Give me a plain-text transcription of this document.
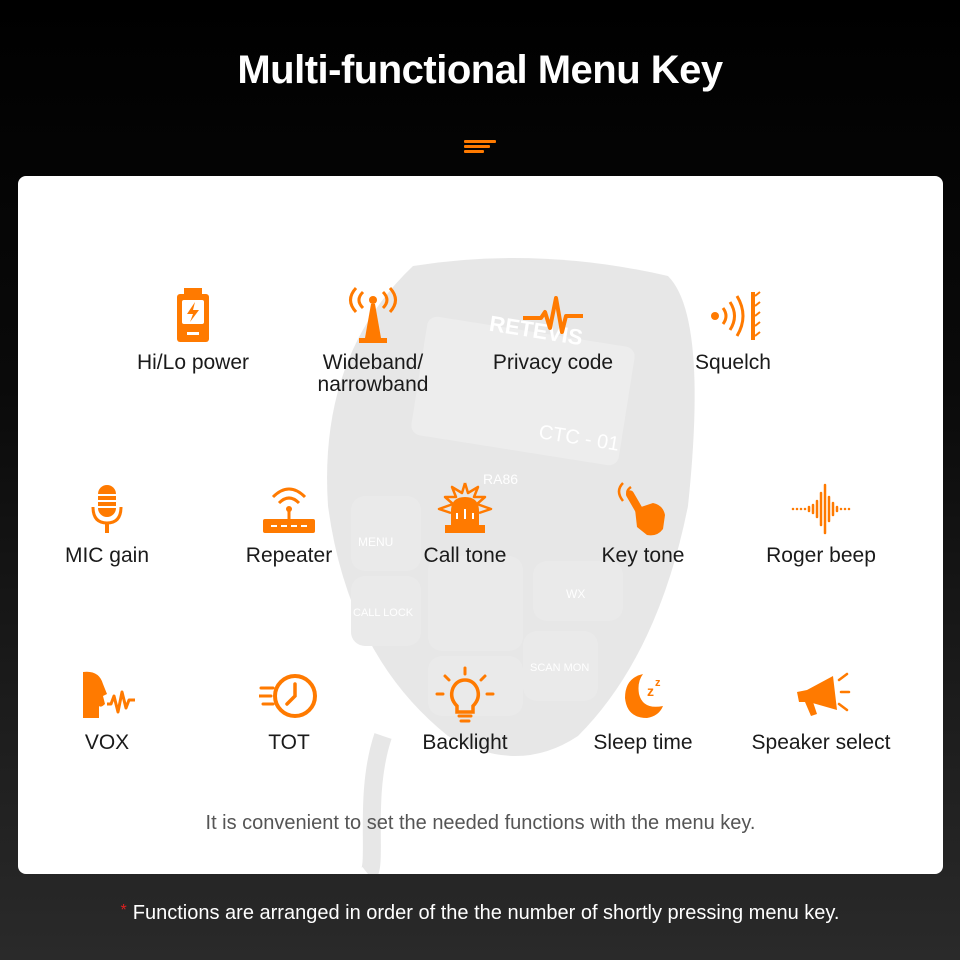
Multi-functional Menu Key
RETEVIS
CTC - 01
RA86
MENU
CALL LOCK
WX
SCAN MON
Hi/Lo power	Wideband/
narrowband
Privacy code	Squelch
MIC gain	Repeater	Call tone	Key tone	Roger beep
VOX	TOT	Backlight
z z
Sleep time	Speaker select
It is convenient to set the needed functions with the menu key.
* Functions are arranged in order of the the number of shortly pressing menu key.
